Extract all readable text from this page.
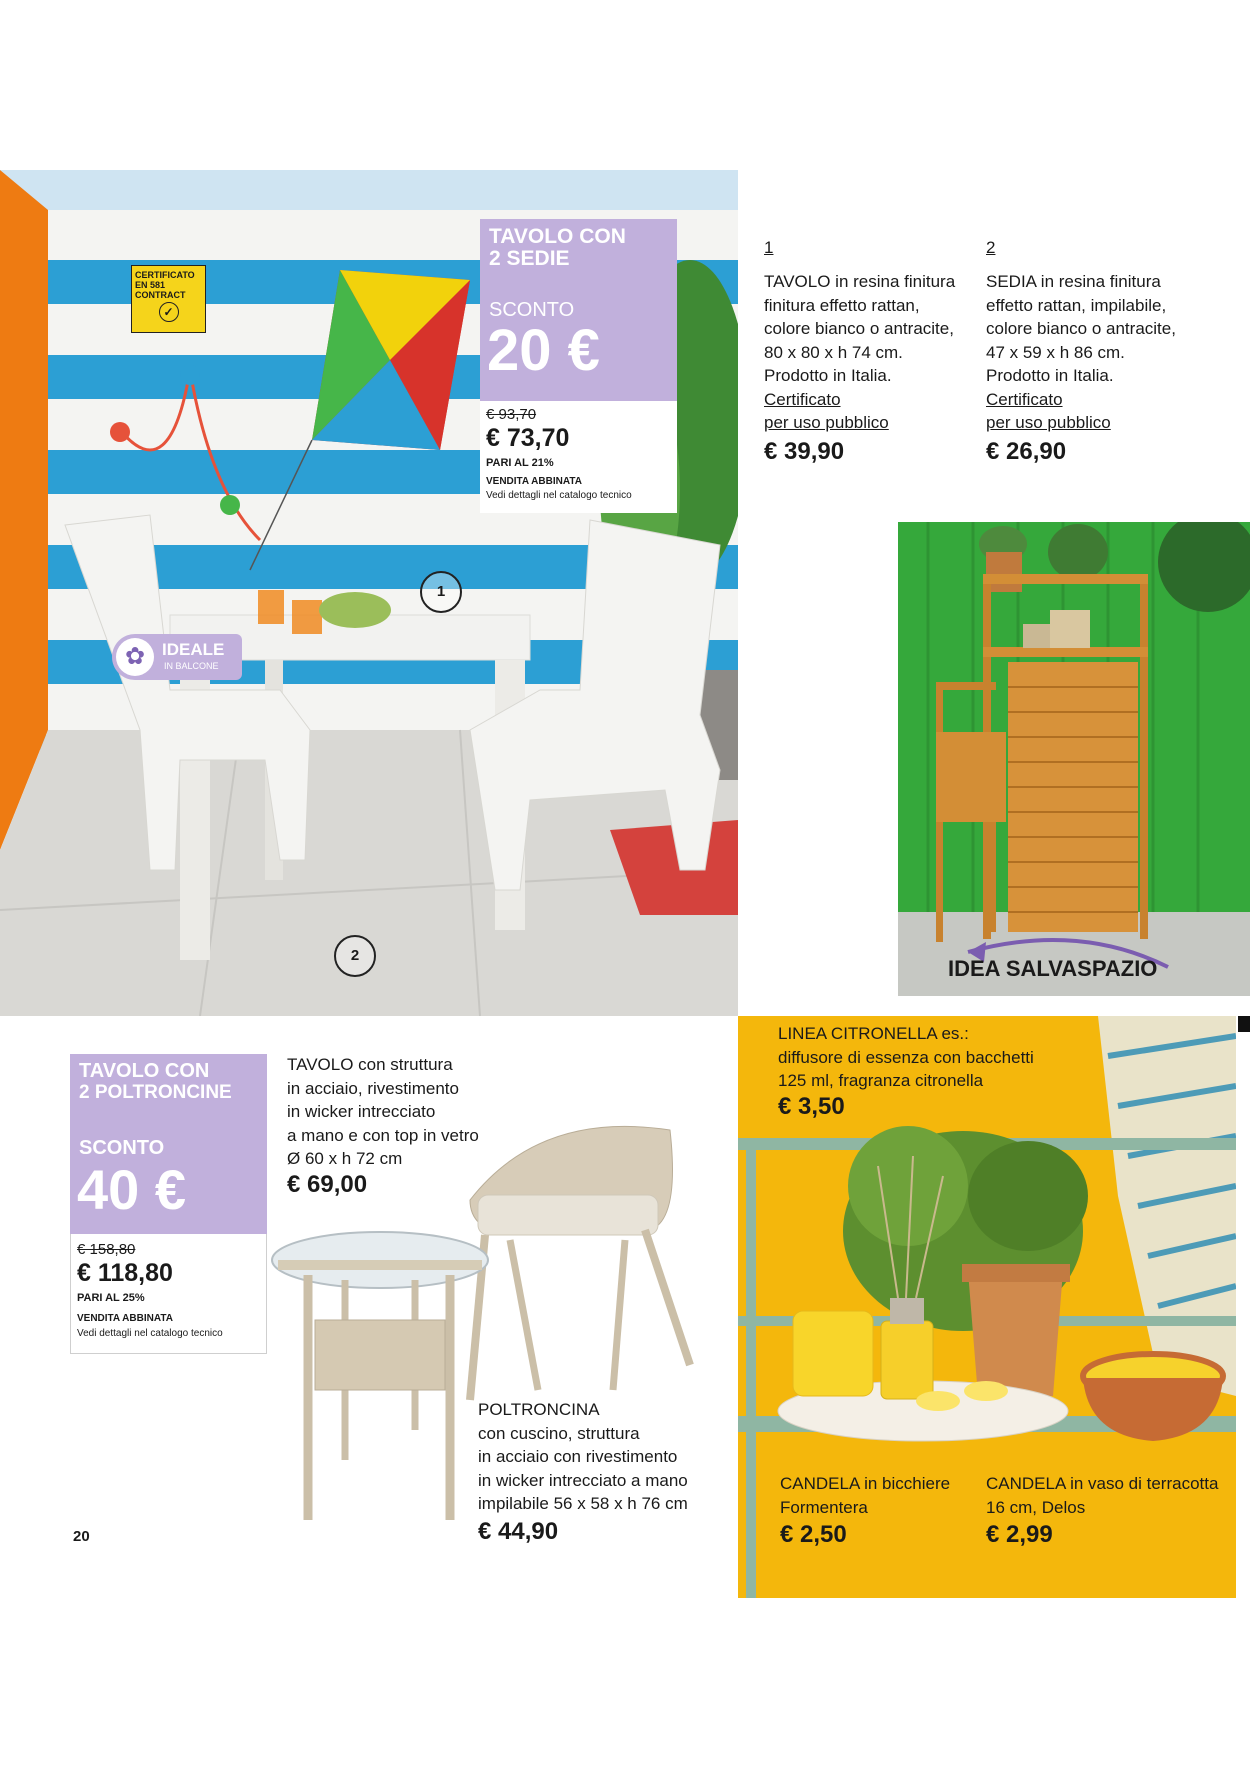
CERTIFICATO
EN 581
CONTRACT
✓
✿ IDEALE
IN BALCONE
1
2
TAVOLO CON
2 SEDIE
SCONTO
20 €
€ 93,70
€ 73,70
PARI AL 21%
VENDITA ABBINATA
Vedi dettagli nel catalogo tecnico
1
TAVOLO in resina finitura
finitura effetto rattan,
colore bianco o antracite,
80 x 80 x h 74 cm.
Prodotto in Italia.
Certificato
per uso pubblico
€ 39,90
2
SEDIA in resina finitura
effetto rattan, impilabile,
colore bianco o antracite,
47 x 59 x h 86 cm.
Prodotto in Italia.
Certificato
per uso pubblico
€ 26,90
IDEA SALVASPAZIO
TAVOLO CON
2 POLTRONCINE
SCONTO
40 €
€ 158,80
€ 118,80
PARI AL 25%
VENDITA ABBINATA
Vedi dettagli nel catalogo tecnico
TAVOLO con struttura
in acciaio, rivestimento
in wicker intrecciato
a mano e con top in vetro
Ø 60 x h 72 cm
€ 69,00
POLTRONCINA
con cuscino, struttura
in acciaio con rivestimento
in wicker intrecciato a mano
impilabile 56 x 58 x h 76 cm
€ 44,90
20
LINEA CITRONELLA es.:
diffusore di essenza con bacchetti
125 ml, fragranza citronella
€ 3,50
CANDELA in bicchiere
Formentera
€ 2,50
CANDELA in vaso di terracotta
16 cm, Delos
€ 2,99
